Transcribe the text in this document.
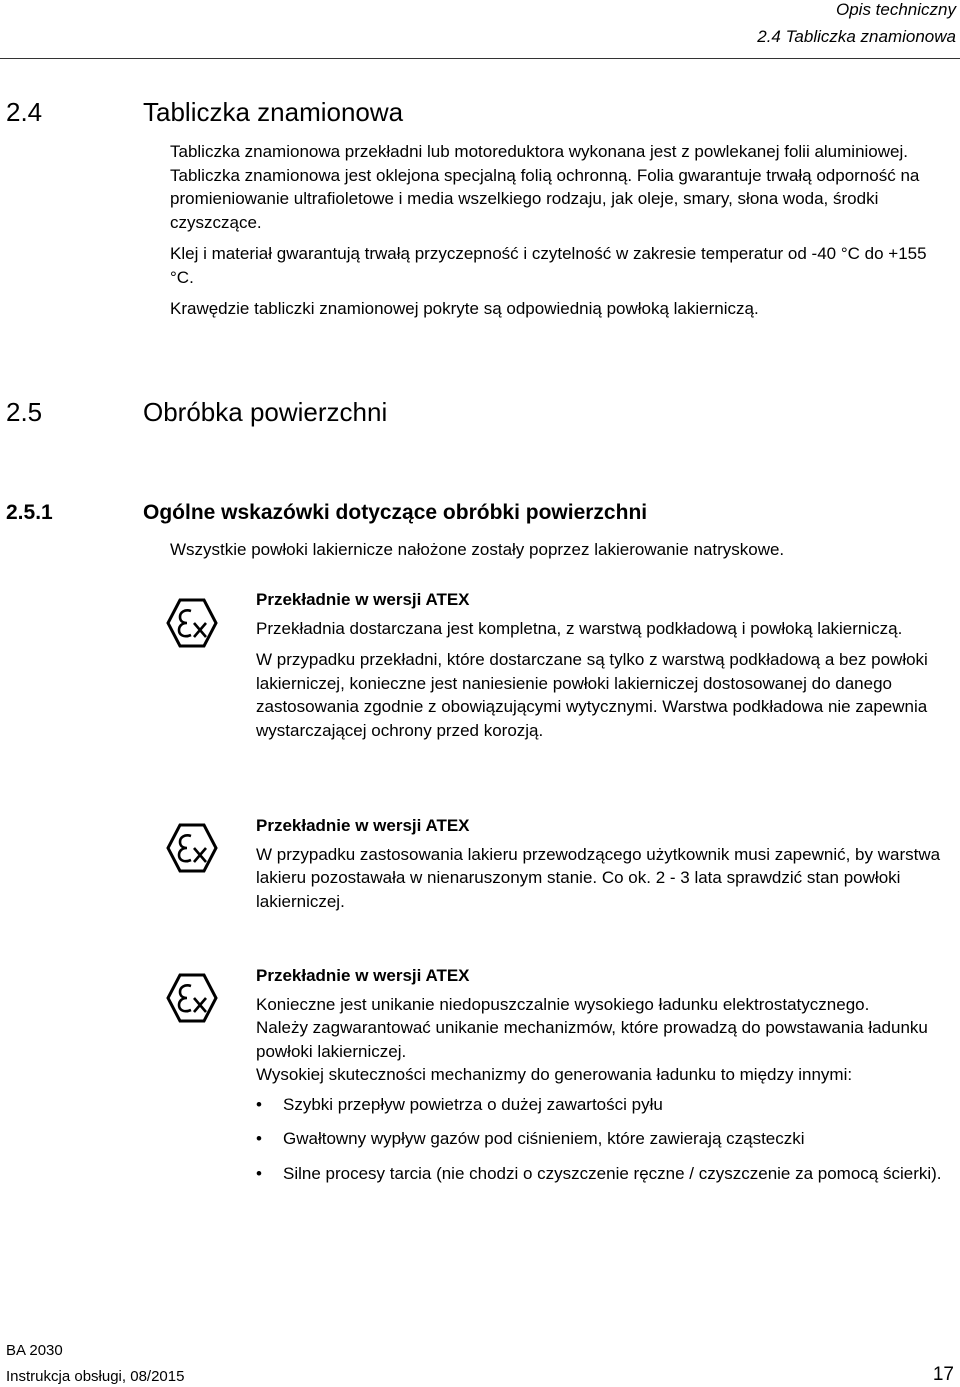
Opis techniczny
2.4 Tabliczka znamionowa
2.4	Tabliczka znamionowa

Tabliczka znamionowa przekładni lub motoreduktora wykonana jest z powlekanej folii aluminiowej. Tabliczka znamionowa jest oklejona specjalną folią ochronną. Folia gwarantuje trwałą odporność na promieniowanie ultrafioletowe i media wszelkiego rodzaju, jak oleje, smary, słona woda, środki czyszczące.

Klej i materiał gwarantują trwałą przyczepność i czytelność w zakresie temperatur od -40 °C do +155 °C.

Krawędzie tabliczki znamionowej pokryte są odpowiednią powłoką lakierniczą.

2.5	Obróbka powierzchni
2.5.1	Ogólne wskazówki dotyczące obróbki powierzchni
Wszystkie powłoki lakiernicze nałożone zostały poprzez lakierowanie natryskowe.
Przekładnie w wersji ATEX

Przekładnia dostarczana jest kompletna, z warstwą podkładową i powłoką lakierniczą.

W przypadku przekładni, które dostarczane są tylko z warstwą podkładową a bez powłoki lakierniczej, konieczne jest naniesienie powłoki lakierniczej dostosowanej do danego zastosowania zgodnie z obowiązującymi wytycznymi. Warstwa podkładowa nie zapewnia wystarczającej ochrony przed korozją.

Przekładnie w wersji ATEX

W przypadku zastosowania lakieru przewodzącego użytkownik musi zapewnić, by warstwa lakieru pozostawała w nienaruszonym stanie. Co ok. 2 - 3 lata sprawdzić stan powłoki lakierniczej.

Przekładnie w wersji ATEX
Konieczne jest unikanie niedopuszczalnie wysokiego ładunku elektrostatycznego.
Należy zagwarantować unikanie mechanizmów, które prowadzą do powstawania ładunku powłoki lakierniczej.
Wysokiej skuteczności mechanizmy do generowania ładunku to między innymi:
• Szybki przepływ powietrza o dużej zawartości pyłu
• Gwałtowny wypływ gazów pod ciśnieniem, które zawierają cząsteczki
• Silne procesy tarcia (nie chodzi o czyszczenie ręczne / czyszczenie za pomocą ścierki).
BA 2030
Instrukcja obsługi, 08/2015	17
